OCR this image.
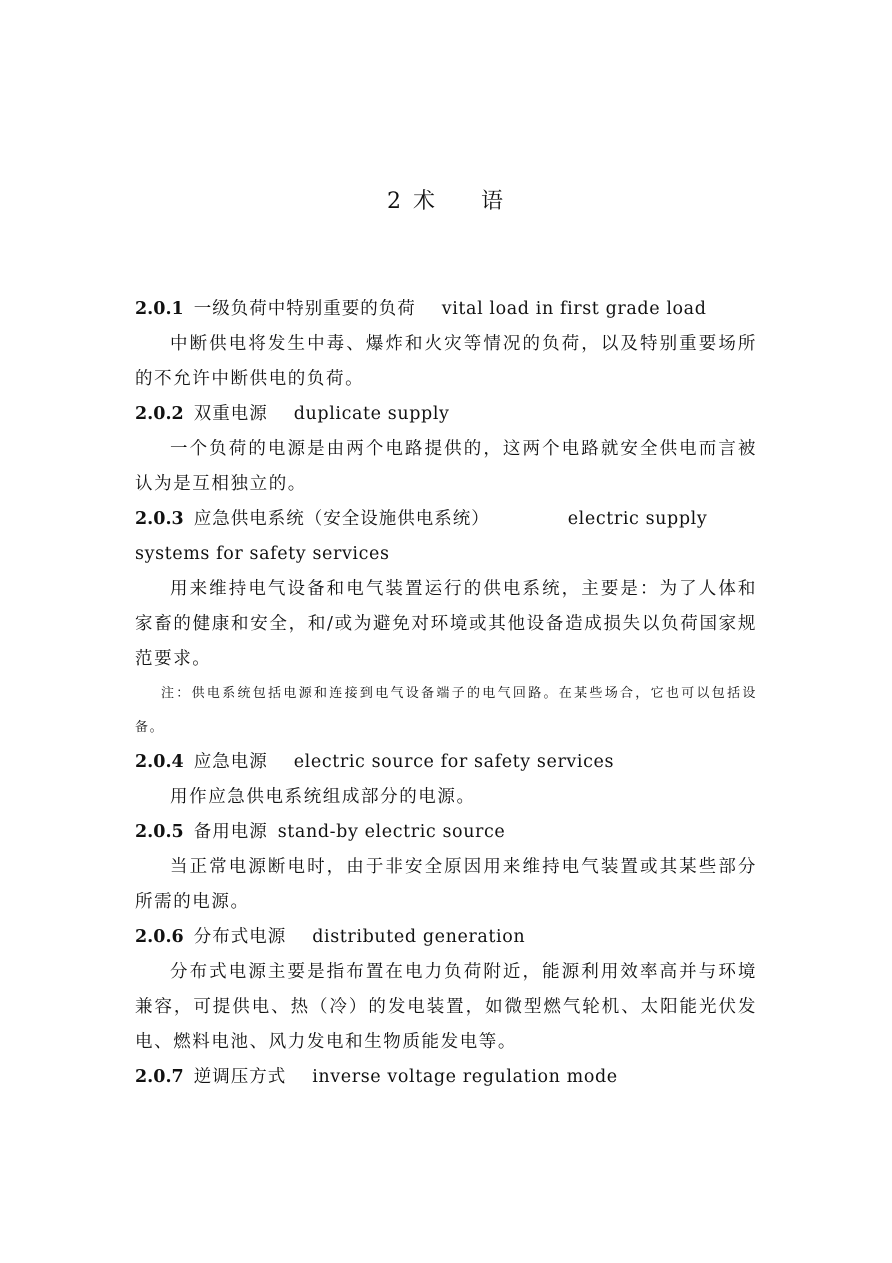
2 术 语

2.0.1 一级负荷中特别重要的负荷 vital load in first grade load

中断供电将发生中毒、爆炸和火灾等情况的负荷，以及特别重要场所的不允许中断供电的负荷。

2.0.2 双重电源 duplicate supply

一个负荷的电源是由两个电路提供的，这两个电路就安全供电而言被认为是互相独立的。

2.0.3 应急供电系统（安全设施供电系统）	electric supply systems for safety services

用来维持电气设备和电气装置运行的供电系统，主要是：为了人体和家畜的健康和安全，和/或为避免对环境或其他设备造成损失以负荷国家规范要求。

注：供电系统包括电源和连接到电气设备端子的电气回路。在某些场合，它也可以包括设备。

2.0.4 应急电源 electric source for safety services

用作应急供电系统组成部分的电源。

2.0.5 备用电源 stand-by electric source

当正常电源断电时，由于非安全原因用来维持电气装置或其某些部分所需的电源。

2.0.6 分布式电源 distributed generation

分布式电源主要是指布置在电力负荷附近，能源利用效率高并与环境兼容，可提供电、热（冷）的发电装置，如微型燃气轮机、太阳能光伏发电、燃料电池、风力发电和生物质能发电等。

2.0.7 逆调压方式 inverse voltage regulation mode
